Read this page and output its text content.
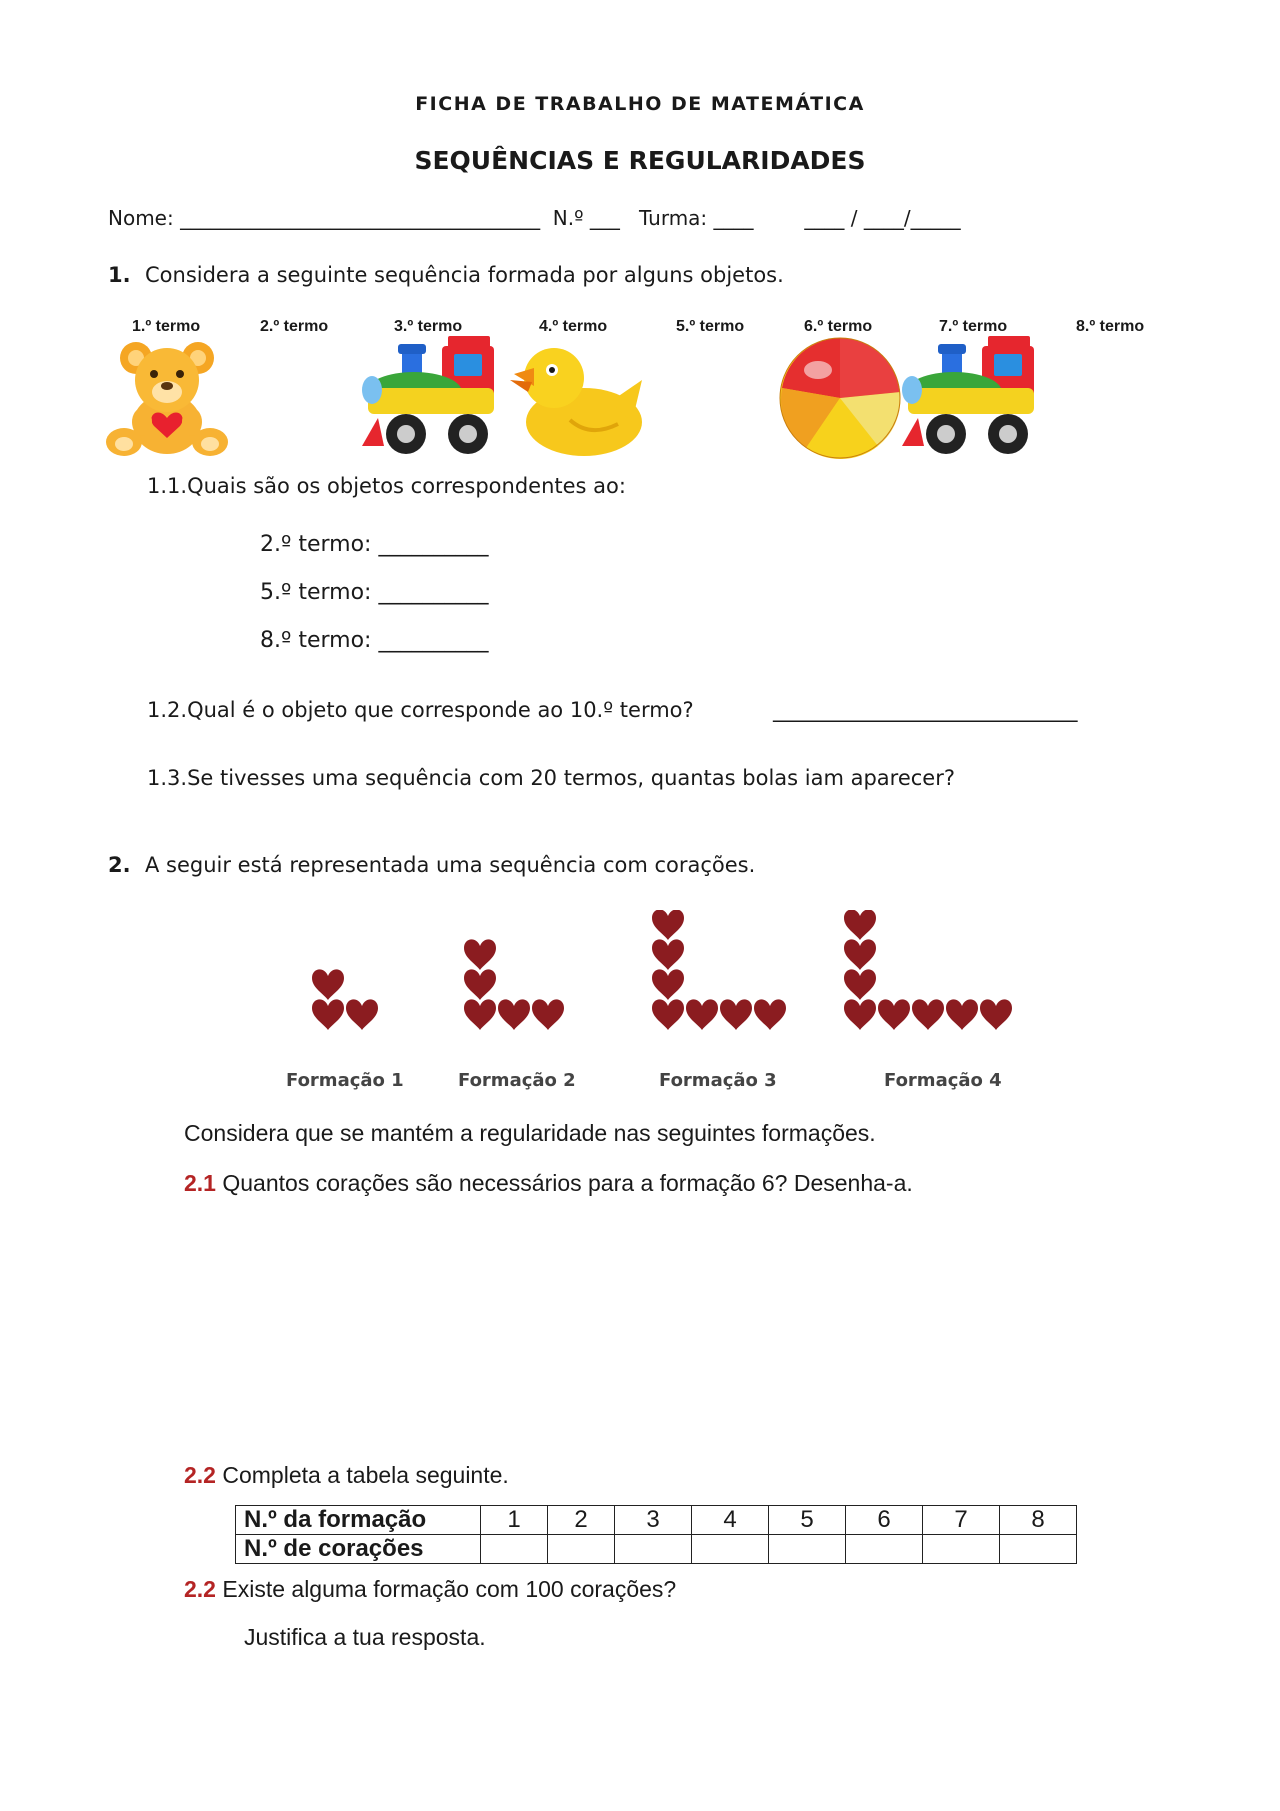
FICHA DE TRABALHO DE MATEMÁTICA
SEQUÊNCIAS E REGULARIDADES
Nome: ____________________________________  N.º ___   Turma: ____        ____ / ____/_____
1. Considera a seguinte sequência formada por alguns objetos.
1.º termo	2.º termo	3.º termo	4.º termo	5.º termo	6.º termo	7.º termo	8.º termo
1.1.Quais são os objetos correspondentes ao:
2.º termo: __________
5.º termo: __________
8.º termo: __________
1.2.Qual é o objeto que corresponde ao 10.º termo?	_____________________________
1.3.Se tivesses uma sequência com 20 termos, quantas bolas iam aparecer?
2. A seguir está representada uma sequência com corações.
Formação 1	Formação 2	Formação 3	Formação 4
Considera que se mantém a regularidade nas seguintes formações.
2.1 Quantos corações são necessários para a formação 6? Desenha-a.
2.2 Completa a tabela seguinte.
N.º da formação	1	2	3	4	5	6	7	8
N.º de corações								
2.2 Existe alguma formação com 100 corações?
Justifica a tua resposta.
